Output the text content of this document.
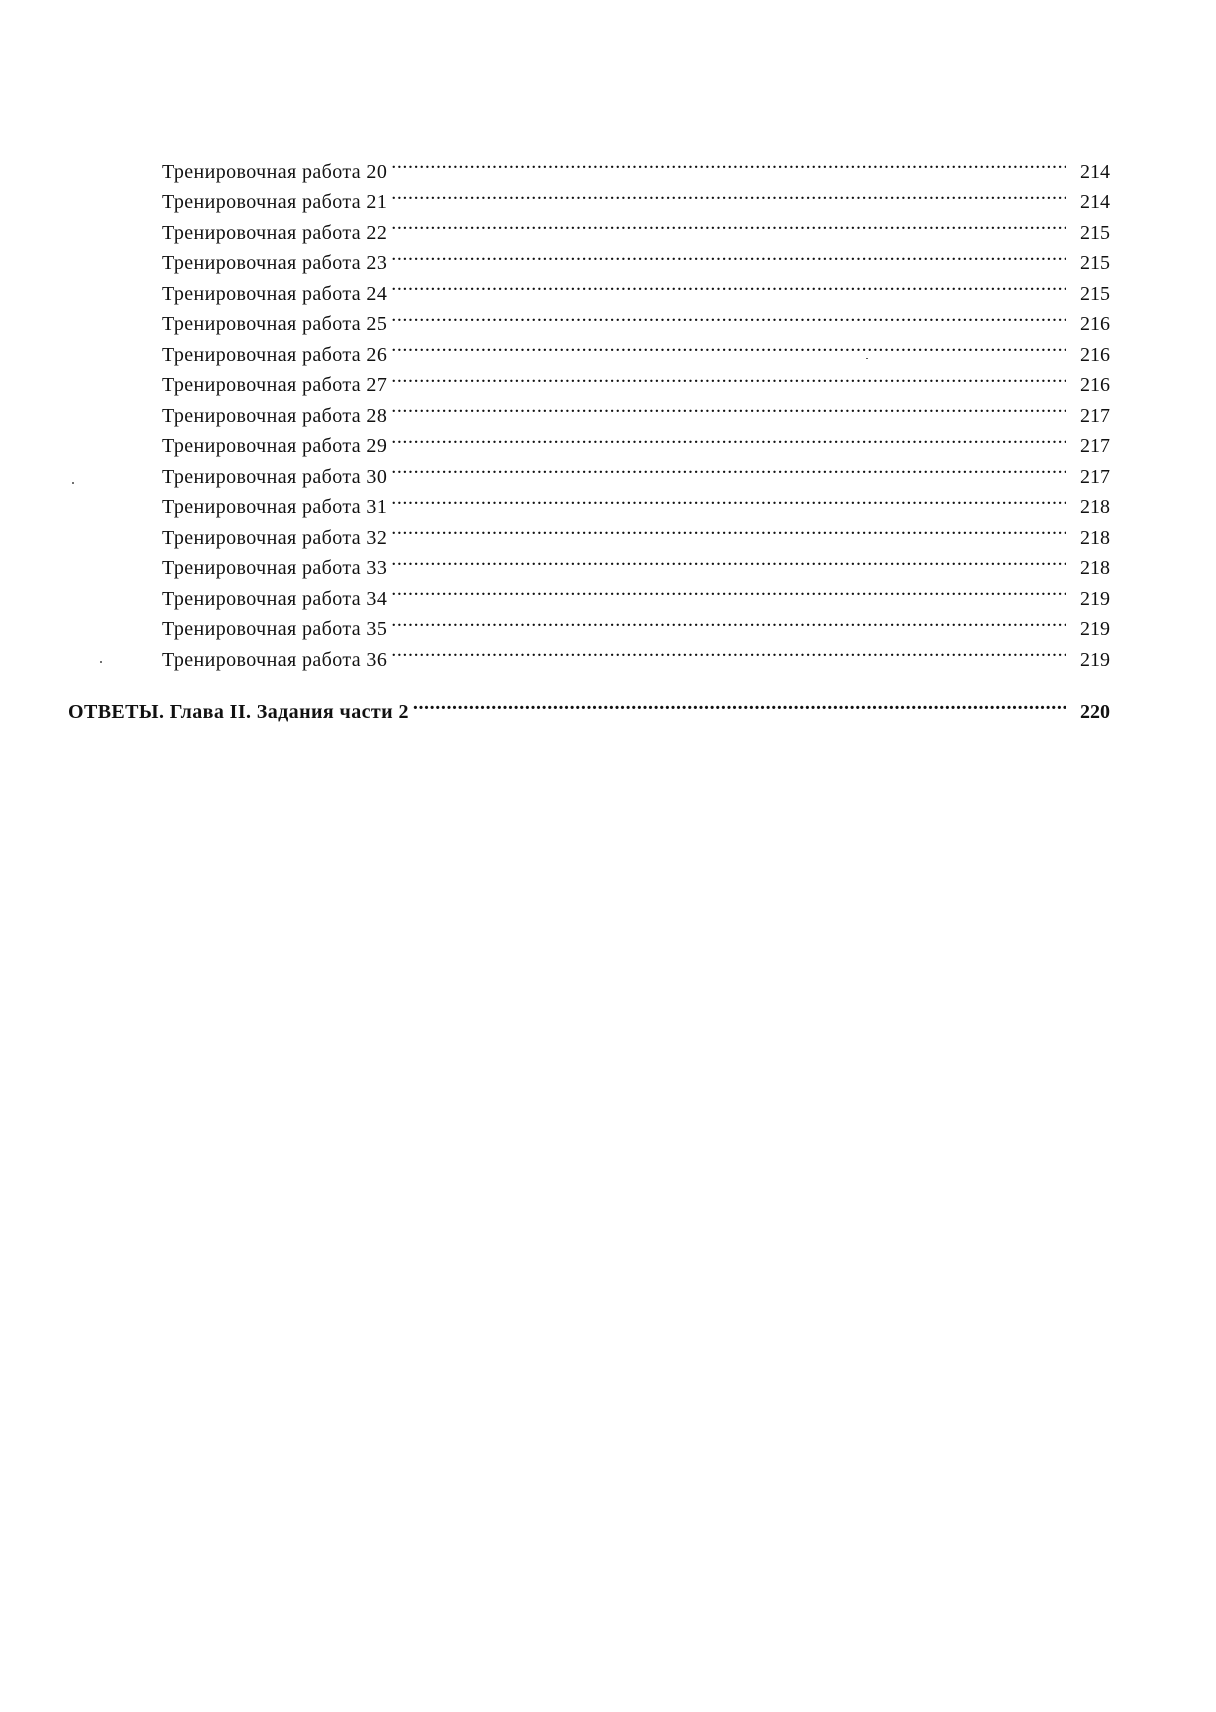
Тренировочная работа 20 . . .	214
Тренировочная работа 21 . . .	214
Тренировочная работа 22 . . .	215
Тренировочная работа 23 . . .	215
Тренировочная работа 24 . . .	215
Тренировочная работа 25 . . .	216
Тренировочная работа 26 . . .	216
Тренировочная работа 27 . . .	216
Тренировочная работа 28 . . .	217
Тренировочная работа 29 . . .	217
Тренировочная работа 30 . . .	217
Тренировочная работа 31 . . .	218
Тренировочная работа 32 . . .	218
Тренировочная работа 33 . . .	218
Тренировочная работа 34 . . .	219
Тренировочная работа 35 . . .	219
Тренировочная работа 36 . . .	219
ОТВЕТЫ. Глава II. Задания части 2 . . .	220
